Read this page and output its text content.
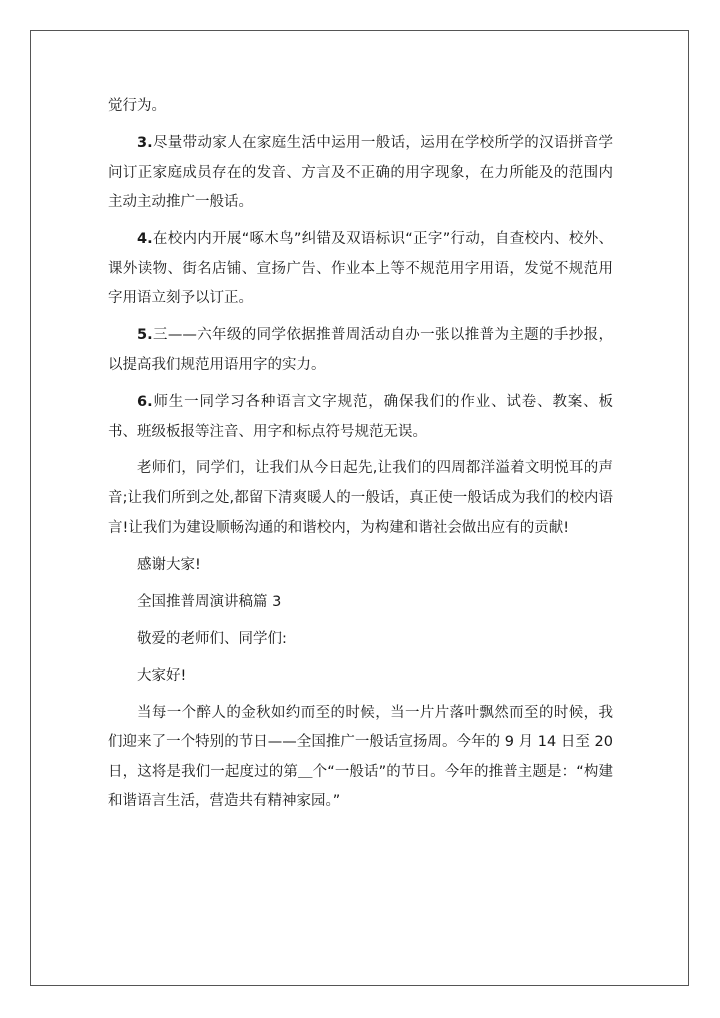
觉行为。

3.尽量带动家人在家庭生活中运用一般话，运用在学校所学的汉语拼音学问订正家庭成员存在的发音、方言及不正确的用字现象，在力所能及的范围内主动主动推广一般话。

4.在校内内开展“啄木鸟”纠错及双语标识“正字”行动，自查校内、校外、课外读物、街名店铺、宣扬广告、作业本上等不规范用字用语，发觉不规范用字用语立刻予以订正。

5.三——六年级的同学依据推普周活动自办一张以推普为主题的手抄报，以提高我们规范用语用字的实力。

6.师生一同学习各种语言文字规范，确保我们的作业、试卷、教案、板书、班级板报等注音、用字和标点符号规范无误。

老师们，同学们，让我们从今日起先,让我们的四周都洋溢着文明悦耳的声音;让我们所到之处,都留下清爽暖人的一般话，真正使一般话成为我们的校内语言!让我们为建设顺畅沟通的和谐校内，为构建和谐社会做出应有的贡献!

感谢大家!

全国推普周演讲稿篇 3

敬爱的老师们、同学们:

大家好!

当每一个醉人的金秋如约而至的时候，当一片片落叶飘然而至的时候，我们迎来了一个特别的节日——全国推广一般话宣扬周。今年的 9 月 14 日至 20 日，这将是我们一起度过的第＿个“一般话”的节日。今年的推普主题是：“构建和谐语言生活，营造共有精神家园。”
